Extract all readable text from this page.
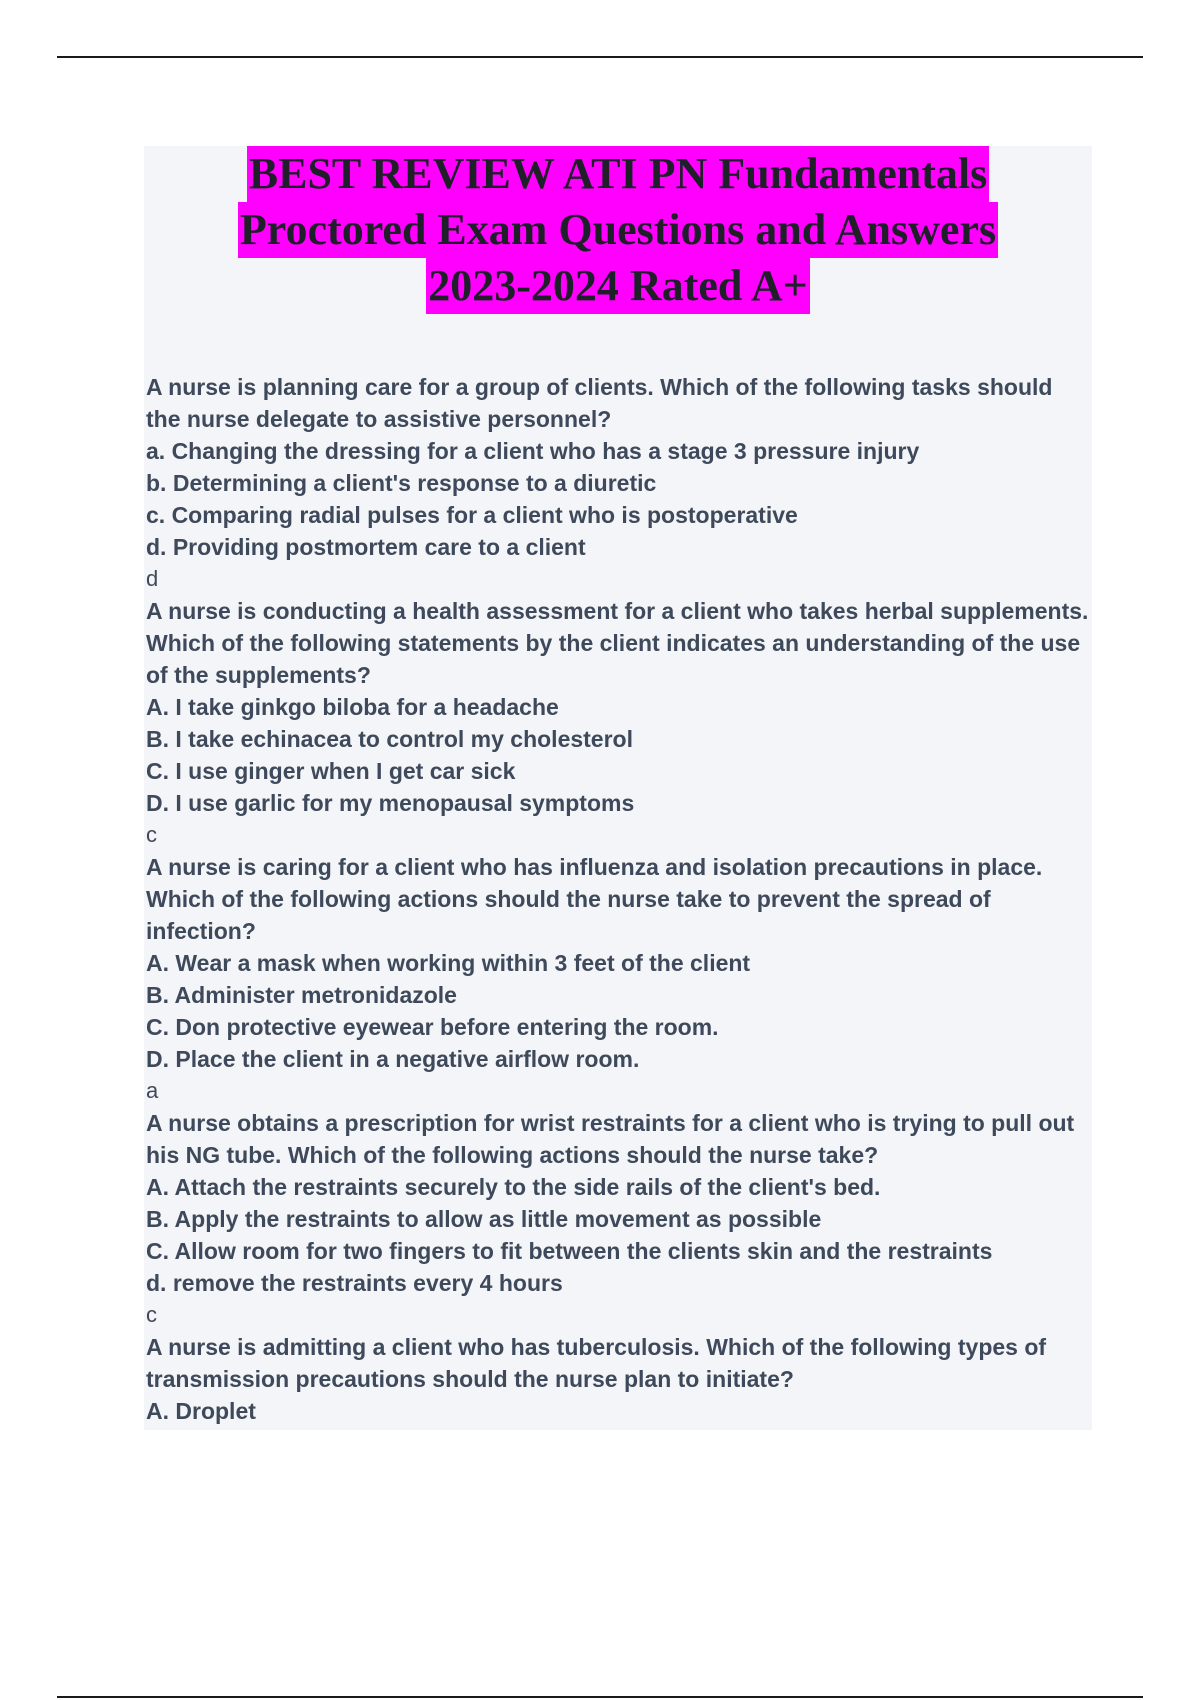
BEST REVIEW ATI PN Fundamentals
Proctored Exam Questions and Answers
2023-2024 Rated A+
A nurse is planning care for a group of clients. Which of the following tasks should the nurse delegate to assistive personnel?
a. Changing the dressing for a client who has a stage 3 pressure injury
b. Determining a client's response to a diuretic
c. Comparing radial pulses for a client who is postoperative
d. Providing postmortem care to a client
d
A nurse is conducting a health assessment for a client who takes herbal supplements. Which of the following statements by the client indicates an understanding of the use of the supplements?
A. I take ginkgo biloba for a headache
B. I take echinacea to control my cholesterol
C. I use ginger when I get car sick
D. I use garlic for my menopausal symptoms
c
A nurse is caring for a client who has influenza and isolation precautions in place. Which of the following actions should the nurse take to prevent the spread of infection?
A. Wear a mask when working within 3 feet of the client
B. Administer metronidazole
C. Don protective eyewear before entering the room.
D. Place the client in a negative airflow room.
a
A nurse obtains a prescription for wrist restraints for a client who is trying to pull out his NG tube. Which of the following actions should the nurse take?
A. Attach the restraints securely to the side rails of the client's bed.
B. Apply the restraints to allow as little movement as possible
C. Allow room for two fingers to fit between the clients skin and the restraints
d. remove the restraints every 4 hours
c
A nurse is admitting a client who has tuberculosis. Which of the following types of transmission precautions should the nurse plan to initiate?
A. Droplet
